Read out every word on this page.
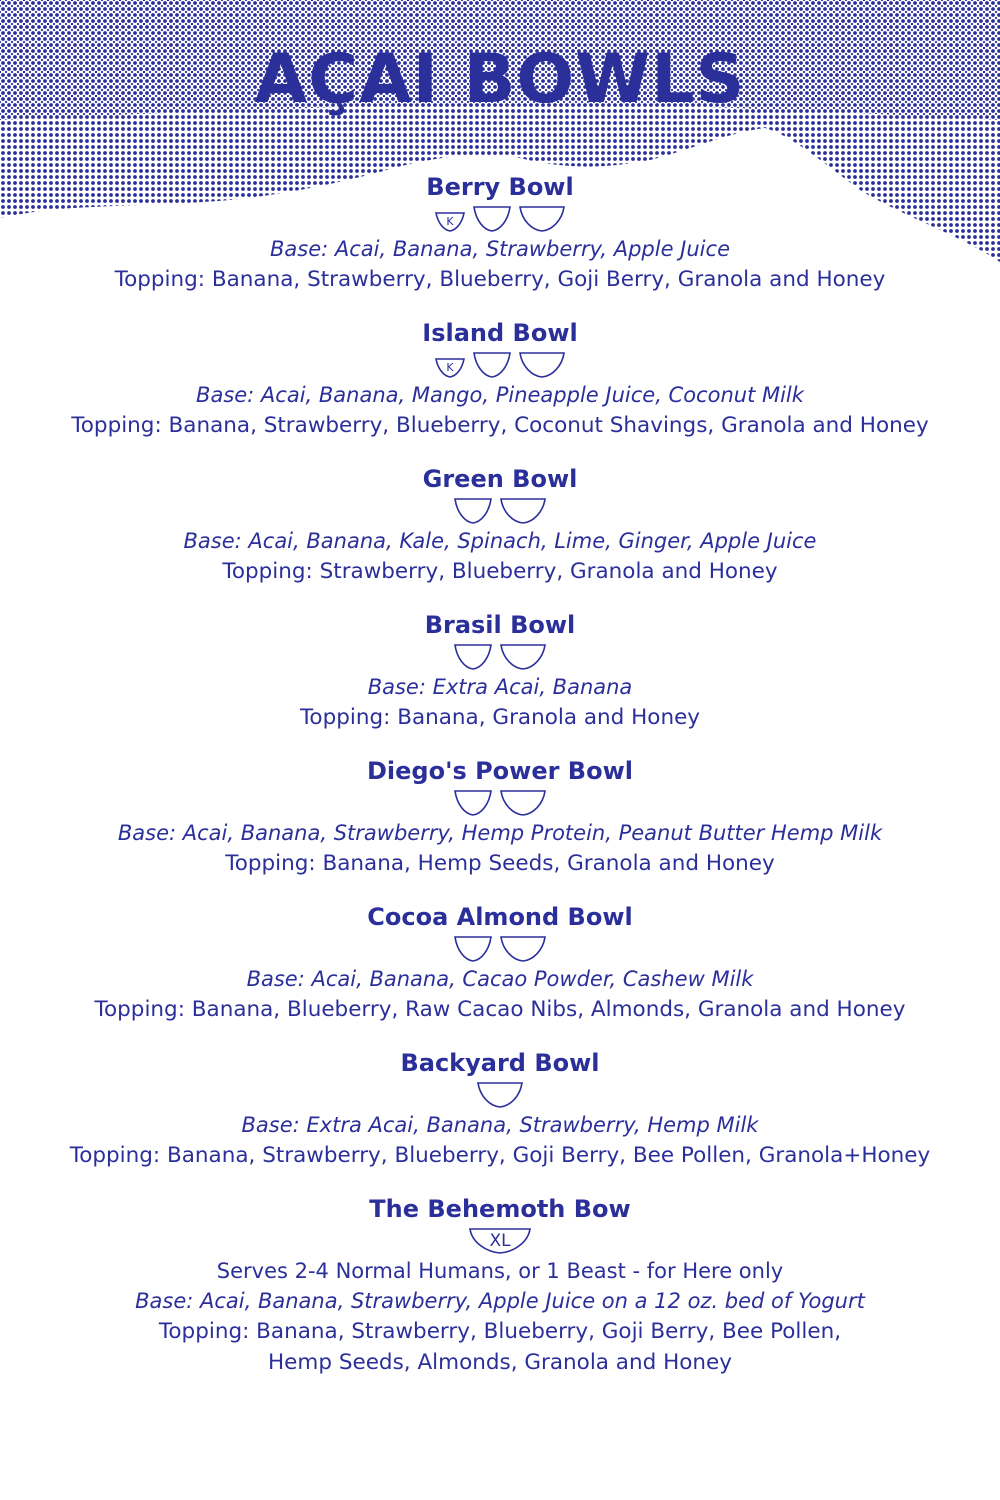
AÇAI BOWLS
Berry Bowl
K
Base: Acai, Banana, Strawberry, Apple Juice
Topping: Banana, Strawberry, Blueberry, Goji Berry, Granola and Honey
Island Bowl
K
Base: Acai, Banana, Mango, Pineapple Juice, Coconut Milk
Topping: Banana, Strawberry, Blueberry, Coconut Shavings, Granola and Honey
Green Bowl
Base: Acai, Banana, Kale, Spinach, Lime, Ginger, Apple Juice
Topping: Strawberry, Blueberry, Granola and Honey
Brasil Bowl
Base: Extra Acai, Banana
Topping: Banana, Granola and Honey
Diego's Power Bowl
Base: Acai, Banana, Strawberry, Hemp Protein, Peanut Butter Hemp Milk
Topping: Banana, Hemp Seeds, Granola and Honey
Cocoa Almond Bowl
Base: Acai, Banana, Cacao Powder, Cashew Milk
Topping: Banana, Blueberry, Raw Cacao Nibs, Almonds, Granola and Honey
Backyard Bowl
Base: Extra Acai, Banana, Strawberry, Hemp Milk
Topping: Banana, Strawberry, Blueberry, Goji Berry, Bee Pollen, Granola+Honey
The Behemoth Bow
XL
Serves 2-4 Normal Humans, or 1 Beast - for Here only
Base: Acai, Banana, Strawberry, Apple Juice on a 12 oz. bed of Yogurt
Topping: Banana, Strawberry, Blueberry, Goji Berry, Bee Pollen,
Hemp Seeds, Almonds, Granola and Honey
